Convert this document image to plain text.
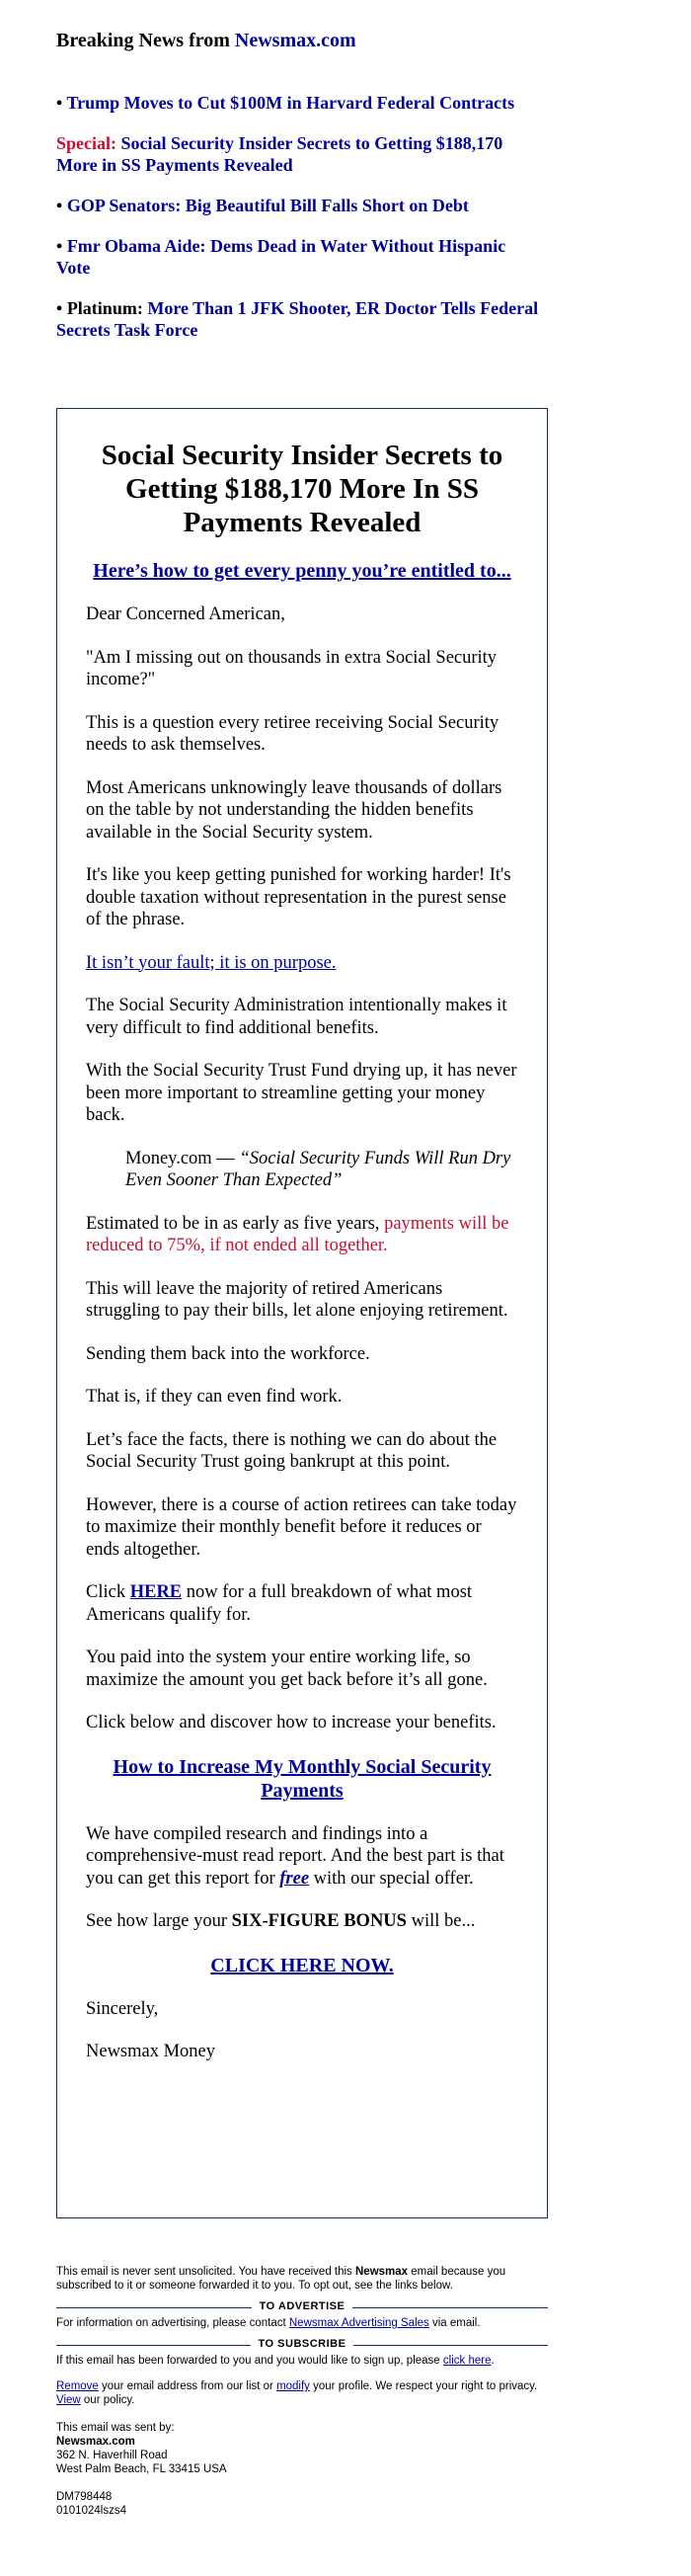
Breaking News from Newsmax.com
• Trump Moves to Cut $100M in Harvard Federal Contracts
Special: Social Security Insider Secrets to Getting $188,170 More in SS Payments Revealed
• GOP Senators: Big Beautiful Bill Falls Short on Debt
• Fmr Obama Aide: Dems Dead in Water Without Hispanic Vote
• Platinum: More Than 1 JFK Shooter, ER Doctor Tells Federal Secrets Task Force
Social Security Insider Secrets to Getting $188,170 More In SS Payments Revealed
Here’s how to get every penny you’re entitled to...

Dear Concerned American,

"Am I missing out on thousands in extra Social Security income?"

This is a question every retiree receiving Social Security needs to ask themselves.

Most Americans unknowingly leave thousands of dollars on the table by not understanding the hidden benefits available in the Social Security system.

It's like you keep getting punished for working harder! It's double taxation without representation in the purest sense of the phrase.

It isn’t your fault; it is on purpose.

The Social Security Administration intentionally makes it very difficult to find additional benefits.

With the Social Security Trust Fund drying up, it has never been more important to streamline getting your money back.

Money.com — “Social Security Funds Will Run Dry Even Sooner Than Expected”

Estimated to be in as early as five years, payments will be reduced to 75%, if not ended all together.

This will leave the majority of retired Americans struggling to pay their bills, let alone enjoying retirement.

Sending them back into the workforce.

That is, if they can even find work.

Let’s face the facts, there is nothing we can do about the Social Security Trust going bankrupt at this point.

However, there is a course of action retirees can take today to maximize their monthly benefit before it reduces or ends altogether.

Click HERE now for a full breakdown of what most Americans qualify for.

You paid into the system your entire working life, so maximize the amount you get back before it’s all gone.

Click below and discover how to increase your benefits.

How to Increase My Monthly Social Security Payments

We have compiled research and findings into a comprehensive-must read report. And the best part is that you can get this report for free with our special offer.

See how large your SIX-FIGURE BONUS will be...

CLICK HERE NOW.

Sincerely,

Newsmax Money

This email is never sent unsolicited. You have received this Newsmax email because you subscribed to it or someone forwarded it to you. To opt out, see the links below.

TO ADVERTISE

For information on advertising, please contact Newsmax Advertising Sales via email.

TO SUBSCRIBE

If this email has been forwarded to you and you would like to sign up, please click here.

Remove your email address from our list or modify your profile. We respect your right to privacy. View our policy.

This email was sent by:
Newsmax.com
362 N. Haverhill Road
West Palm Beach, FL 33415 USA
DM798448
0101024lszs4
